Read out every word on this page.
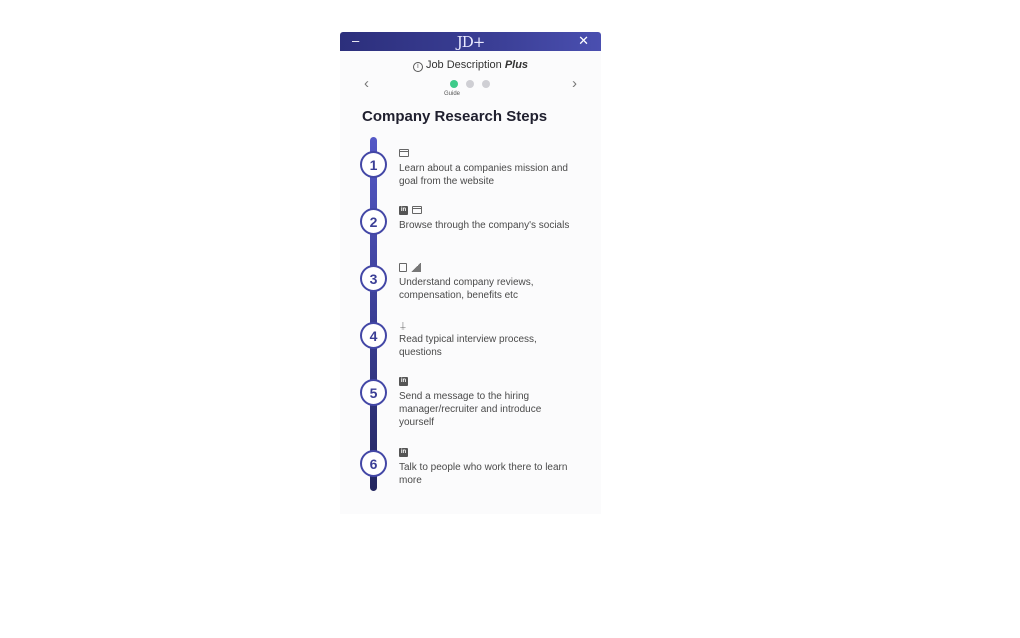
–	JD+	✕
i Job Description Plus
‹	›
Guide
Company Research Steps
1	Learn about a companies mission and goal from the website
2
in
Browse through the company's socials
3	Understand company reviews, compensation, benefits etc
4
⍊
Read typical interview process, questions
5
in
Send a message to the hiring manager/recruiter and introduce yourself
6
in
Talk to people who work there to learn more
